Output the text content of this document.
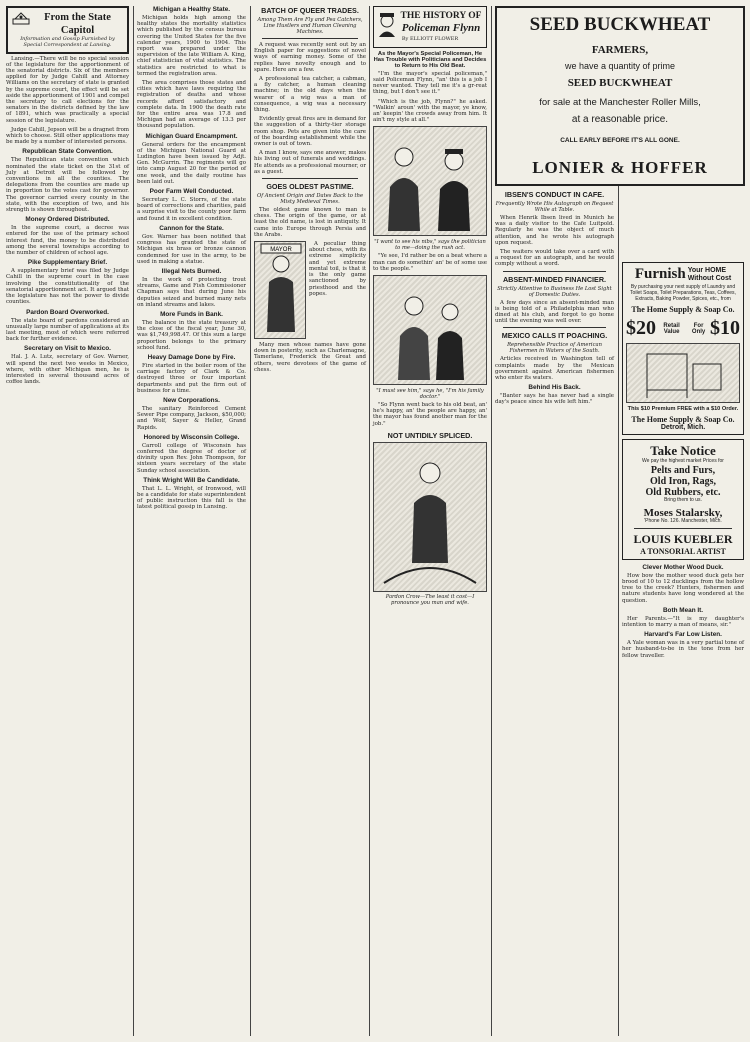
From the State Capitol
Information and Gossip Furnished by Special Correspondent at Lansing.

Lansing.—There will be no special session of the legislature for the apportionment of the senatorial districts. Six of the members applied for by Judge Cahill and Attorney Williams on the secretary of state is granted by the supreme court, the effect will be set aside the apportionment of 1901 and compel the secretary to call elections for the senators in the districts defined by the law of 1891, which was practically a special session of the legislature.

Judge Cahill, Jepson will be a dragnet from which to choose. Still other applications may be made by a number of interested persons.

Republican State Convention.

The Republican state convention which nominated the state ticket on the 31st of July at Detroit will be followed by conventions in all the counties. The delegations from the counties are made up in proportion to the votes cast for governor. The governor carried every county in the state, with the exception of two, and his strength is shown throughout.

Money Ordered Distributed.

In the supreme court, a decree was entered for the use of the primary school interest fund, the money to be distributed among the several townships according to the number of children of school age.

Pike Supplementary Brief.

A supplementary brief was filed by Judge Cahill in the supreme court in the case involving the constitutionality of the senatorial apportionment act. It argued that the legislature has not the power to divide counties.

Pardon Board Overworked.

The state board of pardons considered an unusually large number of applications at its last meeting, most of which were referred back for further evidence.

Secretary on Visit to Mexico.

Hal. J. A. Lutz, secretary of Gov. Warner, will spend the next two weeks in Mexico, where, with other Michigan men, he is interested in several thousand acres of coffee lands.

Michigan a Healthy State.

Michigan holds high among the healthy states the mortality statistics which published by the census bureau covering the United States for the five calendar years, 1900 to 1904. This report was prepared under the supervision of the late William A. King, chief statistician of vital statistics. The statistics are restricted to what is termed the registration area.

The area comprises those states and cities which have laws requiring the registration of deaths and whose records afford satisfactory and complete data. In 1900 the death rate for the entire area was 17.8 and Michigan had an average of 13.3 per thousand population.

Michigan Guard Encampment.

General orders for the encampment of the Michigan National Guard at Ludington have been issued by Adjt. Gen. McGurrin. The regiments will go into camp August 20 for the period of one week, and the daily routine has been laid out.

Poor Farm Well Conducted.

Secretary L. C. Storrs, of the state board of corrections and charities, paid a surprise visit to the county poor farm and found it in excellent condition.

Cannon for the State.

Gov. Warner has been notified that congress has granted the state of Michigan six brass or bronze cannon condemned for use in the army, to be used in making a statue.

Illegal Nets Burned.

In the work of protecting trout streams, Game and Fish Commissioner Chapman says that during June his deputies seized and burned many nets on inland streams and lakes.

More Funds in Bank.

The balance in the state treasury at the close of the fiscal year, June 30, was $1,749,998.47. Of this sum a large proportion belongs to the primary school fund.

Heavy Damage Done by Fire.

Fire started in the boiler room of the carriage factory of Clark & Co. destroyed three or four important departments and put the firm out of business for a time.

New Corporations.

The sanitary Reinforced Cement Sewer Pipe company, Jackson, $50,000; and Wolf, Sayer & Heller, Grand Rapids.

Honored by Wisconsin College.

Carroll college of Wisconsin has conferred the degree of doctor of divinity upon Rev. John Thompson, for sixteen years secretary of the state Sunday school association.

Think Wright Will Be Candidate.

That L. L. Wright, of Ironwood, will be a candidate for state superintendent of public instruction this fall is the latest political gossip in Lansing.

BATCH OF QUEER TRADES.
Among Them Are Fly and Pea Catchers, Line Hustlers and Human Cleaning Machines.

A request was recently sent out by an English paper for suggestions of novel ways of earning money. Some of the replies have novelty enough and to spare. Here are a few.

A professional tea catcher, a cabman, a fly catcher, a human cleaning machine; in the old days when the wearer of a wig was a man of consequence, a wig was a necessary thing.

Evidently great fires are in demand for the suggestion of a thirty-tier storage room shop. Pets are given into the care of the boarding establishment while the owner is out of town.

A man I know, says one answer, makes his living out of funerals and weddings. He attends as a professional mourner, or as a guest.

GOES OLDEST PASTIME.
Of Ancient Origin and Dates Back to the Misty Medieval Times.

The oldest game known to man is chess. The origin of the game, or at least the old name, is lost in antiquity. It came into Europe through Persia and the Arabs.

MAYOR

A peculiar thing about chess, with its extreme simplicity and yet extreme mental toil, is that it is the only game sanctioned by priesthood and the popes.

Many men whose names have gone down in posterity, such as Charlemagne, Tamerlane, Frederick the Great and others, were devotees of the game of chess.

THE HISTORY OF
Policeman Flynn
By ELLIOTT FLOWER
As the Mayor's Special Policeman, He Has Trouble with Politicians and Decides to Return to His Old Beat.

"I'm the mayor's special policeman," said Policeman Flynn, "an' this is a job I never wanted. They tell me it's a gr-reat thing, but I don't see it."

"Which is the job, Flynn?" he asked. "Walkin' aroun' with the mayor, ye know, an' keepin' the crowds away from him. It ain't my style at all."

"I want to see his nibs," says the politician to me—doing the rush act.

"Ye see, I'd rather be on a beat where a man can do somethin' an' be of some use to the people."

"I must see him," says he, "I'm his family doctor."

"So Flynn went back to his old beat, an' he's happy, an' the people are happy, an' the mayor has found another man for the job."

NOT UNTIDILY SPLICED.
Pardon Crow—The least it cost—I pronounce you man and wife.
SEED BUCKWHEAT
FARMERS,
we have a quantity of prime
SEED BUCKWHEAT
for sale at the Manchester Roller Mills,
at a reasonable price.
CALL EARLY BEFORE IT'S ALL GONE.
LONIER & HOFFER
IBSEN'S CONDUCT IN CAFE.
Frequently Wrote His Autograph on Request While at Table.

When Henrik Ibsen lived in Munich he was a daily visitor to the Cafe Luitpold. Regularly he was the object of much attention, and he wrote his autograph upon request.

The waiters would take over a card with a request for an autograph, and he would comply without a word.

ABSENT-MINDED FINANCIER.
Strictly Attentive to Business He Lost Sight of Domestic Duties.

A few days since an absent-minded man is being told of a Philadelphia man who dined at his club, and forgot to go home until the evening was well over.

MEXICO CALLS IT POACHING.
Reprehensible Practice of American Fishermen in Waters of the South.

Articles received in Washington tell of complaints made by the Mexican government against American fishermen who enter its waters.

Behind His Back.

"Banter says he has never had a single day's peace since his wife left him."

Furnish Your HOME
Without Cost
By purchasing your next supply of Laundry and Toilet Soaps, Toilet Preparations, Teas, Coffees, Extracts, Baking Powder, Spices, etc., from
The Home Supply & Soap Co.
$20	Retail Value
For Only $10
This $10 Premium FREE with a $10 Order.
The Home Supply & Soap Co.
Detroit, Mich.
Take Notice
We pay the highest market Prices for
Pelts and Furs,
Old Iron, Rags,
Old Rubbers, etc.
Bring them to us.
Moses Stalarsky,
'Phone No. 126. Manchester, Mich.
LOUIS KUEBLER
A TONSORIAL ARTIST
Clever Mother Wood Duck.

How bow the mother wood duck gets her brood of 10 to 12 ducklings from the hollow tree to the creek? Hunters, fishermen and nature students have long wondered at the question.

Both Mean It.

Her Parents.—"It is my daughter's intention to marry a man of means, sir."

Harvard's Far Low Listen.

A Yale woman was in a very partial tone of her husband-to-be in the tone from her fellow traveller.
